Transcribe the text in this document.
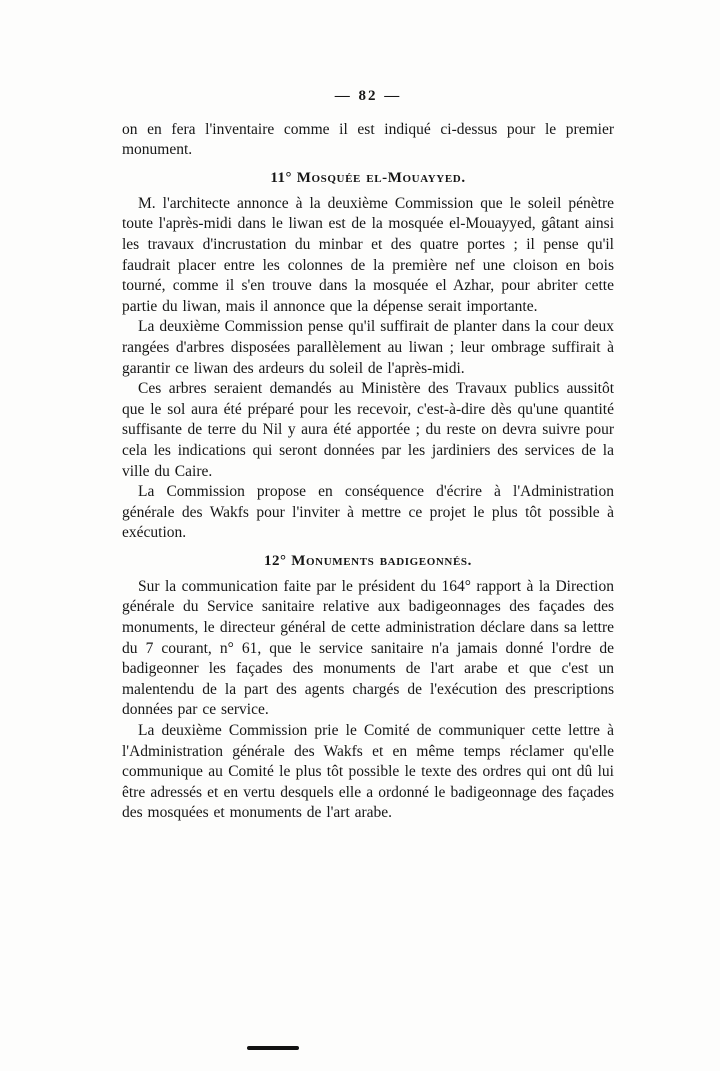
— 82 —

on en fera l'inventaire comme il est indiqué ci-dessus pour le premier monument.

11° Mosquée el-Mouayyed.

M. l'architecte annonce à la deuxième Commission que le soleil pénètre toute l'après-midi dans le liwan est de la mosquée el-Mouayyed, gâtant ainsi les travaux d'incrustation du minbar et des quatre portes ; il pense qu'il faudrait placer entre les colonnes de la première nef une cloison en bois tourné, comme il s'en trouve dans la mosquée el Azhar, pour abriter cette partie du liwan, mais il annonce que la dépense serait importante.

La deuxième Commission pense qu'il suffirait de planter dans la cour deux rangées d'arbres disposées parallèlement au liwan ; leur ombrage suffirait à garantir ce liwan des ardeurs du soleil de l'après-midi.

Ces arbres seraient demandés au Ministère des Travaux publics aussitôt que le sol aura été préparé pour les recevoir, c'est-à-dire dès qu'une quantité suffisante de terre du Nil y aura été apportée ; du reste on devra suivre pour cela les indications qui seront données par les jardiniers des services de la ville du Caire.

La Commission propose en conséquence d'écrire à l'Administration générale des Wakfs pour l'inviter à mettre ce projet le plus tôt possible à exécution.

12° Monuments badigeonnés.

Sur la communication faite par le président du 164° rapport à la Direction générale du Service sanitaire relative aux badigeonnages des façades des monuments, le directeur général de cette administration déclare dans sa lettre du 7 courant, n° 61, que le service sanitaire n'a jamais donné l'ordre de badigeonner les façades des monuments de l'art arabe et que c'est un malentendu de la part des agents chargés de l'exécution des prescriptions données par ce service.

La deuxième Commission prie le Comité de communiquer cette lettre à l'Administration générale des Wakfs et en même temps réclamer qu'elle communique au Comité le plus tôt possible le texte des ordres qui ont dû lui être adressés et en vertu desquels elle a ordonné le badigeonnage des façades des mosquées et monuments de l'art arabe.
